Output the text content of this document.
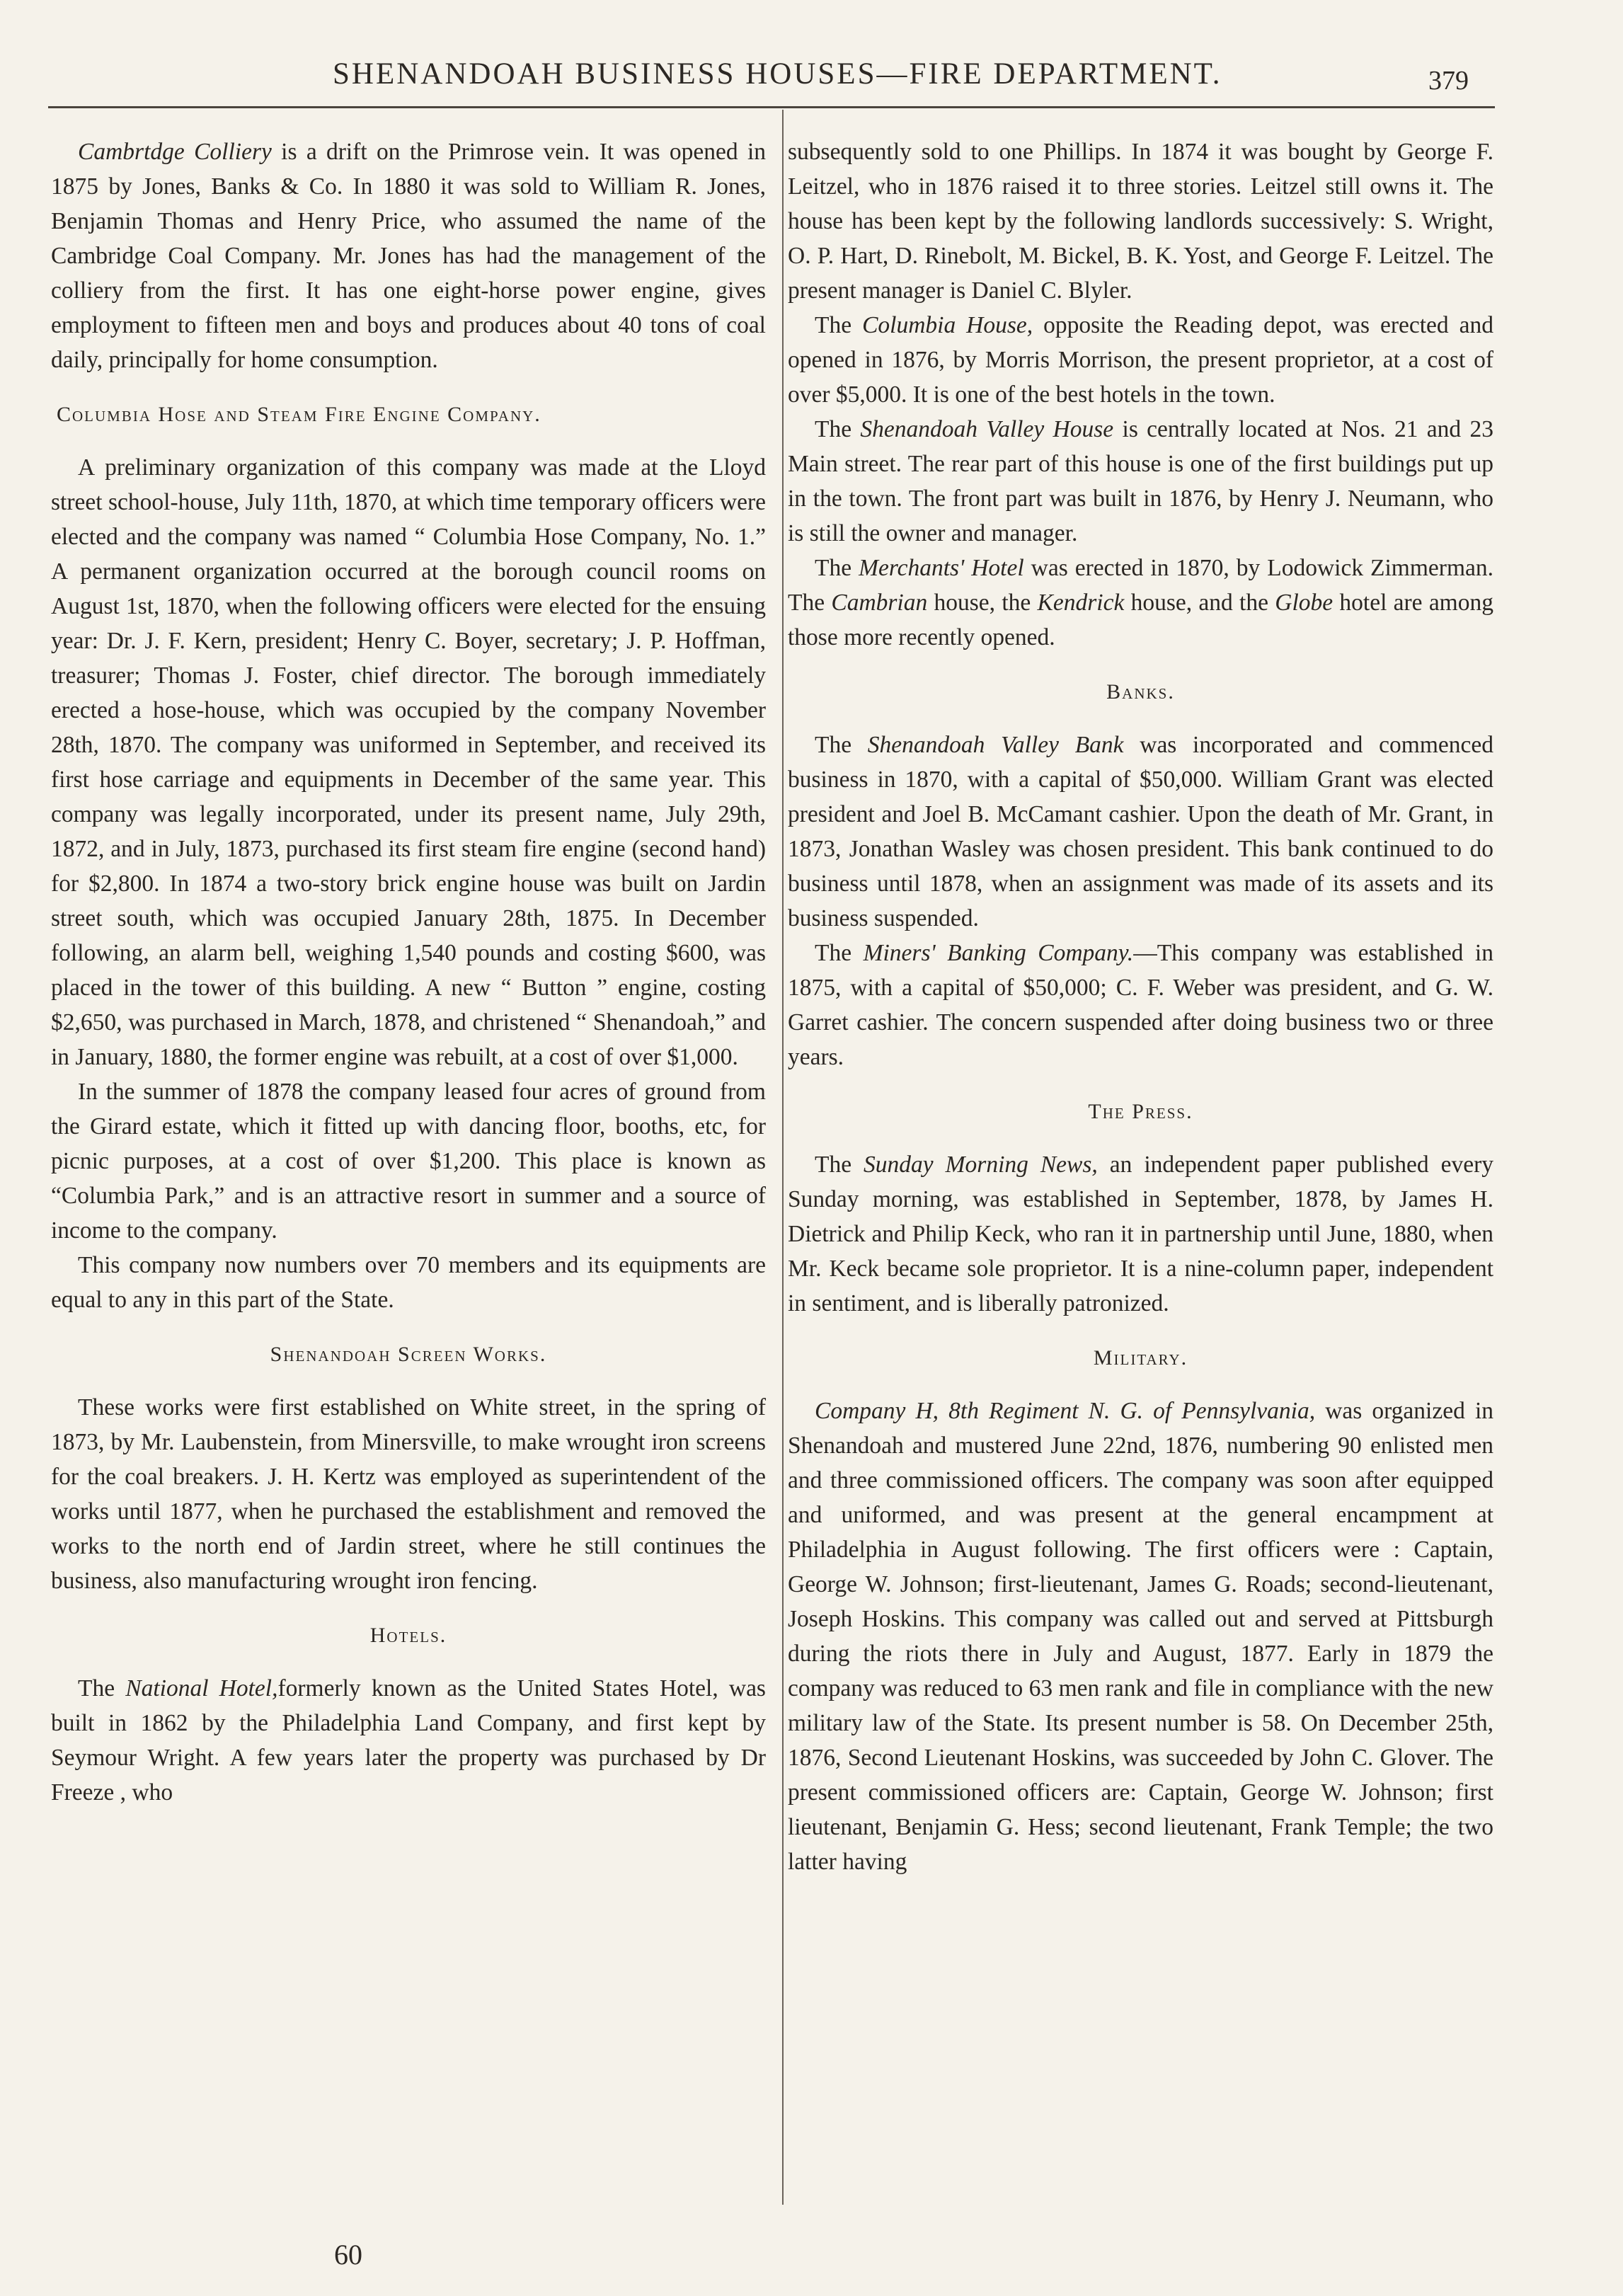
SHENANDOAH BUSINESS HOUSES—FIRE DEPARTMENT.	379

Cambrtdge Colliery is a drift on the Primrose vein. It was opened in 1875 by Jones, Banks & Co. In 1880 it was sold to William R. Jones, Benjamin Thomas and Henry Price, who assumed the name of the Cambridge Coal Company. Mr. Jones has had the management of the colliery from the first. It has one eight-horse power engine, gives employment to fifteen men and boys and produces about 40 tons of coal daily, principally for home consumption.

Columbia Hose and Steam Fire Engine Company.

A preliminary organization of this company was made at the Lloyd street school-house, July 11th, 1870, at which time temporary officers were elected and the company was named “ Columbia Hose Company, No. 1.” A permanent organization occurred at the borough council rooms on August 1st, 1870, when the following officers were elected for the ensuing year: Dr. J. F. Kern, president; Henry C. Boyer, secretary; J. P. Hoffman, treasurer; Thomas J. Foster, chief director. The borough immediately erected a hose-house, which was occupied by the company November 28th, 1870. The company was uniformed in September, and received its first hose carriage and equipments in December of the same year. This company was legally incorporated, under its present name, July 29th, 1872, and in July, 1873, purchased its first steam fire engine (second hand) for $2,800. In 1874 a two-story brick engine house was built on Jardin street south, which was occupied January 28th, 1875. In December following, an alarm bell, weighing 1,540 pounds and costing $600, was placed in the tower of this building. A new “ Button ” engine, costing $2,650, was purchased in March, 1878, and christened “ Shenandoah,” and in January, 1880, the former engine was rebuilt, at a cost of over $1,000.

In the summer of 1878 the company leased four acres of ground from the Girard estate, which it fitted up with dancing floor, booths, etc, for picnic purposes, at a cost of over $1,200. This place is known as “Columbia Park,” and is an attractive resort in summer and a source of income to the company.

This company now numbers over 70 members and its equipments are equal to any in this part of the State.

Shenandoah Screen Works.

These works were first established on White street, in the spring of 1873, by Mr. Laubenstein, from Minersville, to make wrought iron screens for the coal breakers. J. H. Kertz was employed as superintendent of the works until 1877, when he purchased the establishment and removed the works to the north end of Jardin street, where he still continues the business, also manufacturing wrought iron fencing.

Hotels.

The National Hotel,formerly known as the United States Hotel, was built in 1862 by the Philadelphia Land Company, and first kept by Seymour Wright. A few years later the property was purchased by Dr Freeze , who

subsequently sold to one Phillips. In 1874 it was bought by George F. Leitzel, who in 1876 raised it to three stories. Leitzel still owns it. The house has been kept by the following landlords successively: S. Wright, O. P. Hart, D. Rinebolt, M. Bickel, B. K. Yost, and George F. Leitzel. The present manager is Daniel C. Blyler.

The Columbia House, opposite the Reading depot, was erected and opened in 1876, by Morris Morrison, the present proprietor, at a cost of over $5,000. It is one of the best hotels in the town.

The Shenandoah Valley House is centrally located at Nos. 21 and 23 Main street. The rear part of this house is one of the first buildings put up in the town. The front part was built in 1876, by Henry J. Neumann, who is still the owner and manager.

The Merchants' Hotel was erected in 1870, by Lodowick Zimmerman. The Cambrian house, the Kendrick house, and the Globe hotel are among those more recently opened.

Banks.

The Shenandoah Valley Bank was incorporated and commenced business in 1870, with a capital of $50,000. William Grant was elected president and Joel B. McCamant cashier. Upon the death of Mr. Grant, in 1873, Jonathan Wasley was chosen president. This bank continued to do business until 1878, when an assignment was made of its assets and its business suspended.

The Miners' Banking Company.—This company was established in 1875, with a capital of $50,000; C. F. Weber was president, and G. W. Garret cashier. The concern suspended after doing business two or three years.

The Press.

The Sunday Morning News, an independent paper published every Sunday morning, was established in September, 1878, by James H. Dietrick and Philip Keck, who ran it in partnership until June, 1880, when Mr. Keck became sole proprietor. It is a nine-column paper, independent in sentiment, and is liberally patronized.

Military.

Company H, 8th Regiment N. G. of Pennsylvania, was organized in Shenandoah and mustered June 22nd, 1876, numbering 90 enlisted men and three commissioned officers. The company was soon after equipped and uniformed, and was present at the general encampment at Philadelphia in August following. The first officers were : Captain, George W. Johnson; first-lieutenant, James G. Roads; second-lieutenant, Joseph Hoskins. This company was called out and served at Pittsburgh during the riots there in July and August, 1877. Early in 1879 the company was reduced to 63 men rank and file in compliance with the new military law of the State. Its present number is 58. On December 25th, 1876, Second Lieutenant Hoskins, was succeeded by John C. Glover. The present commissioned officers are: Captain, George W. Johnson; first lieutenant, Benjamin G. Hess; second lieutenant, Frank Temple; the two latter having

60
